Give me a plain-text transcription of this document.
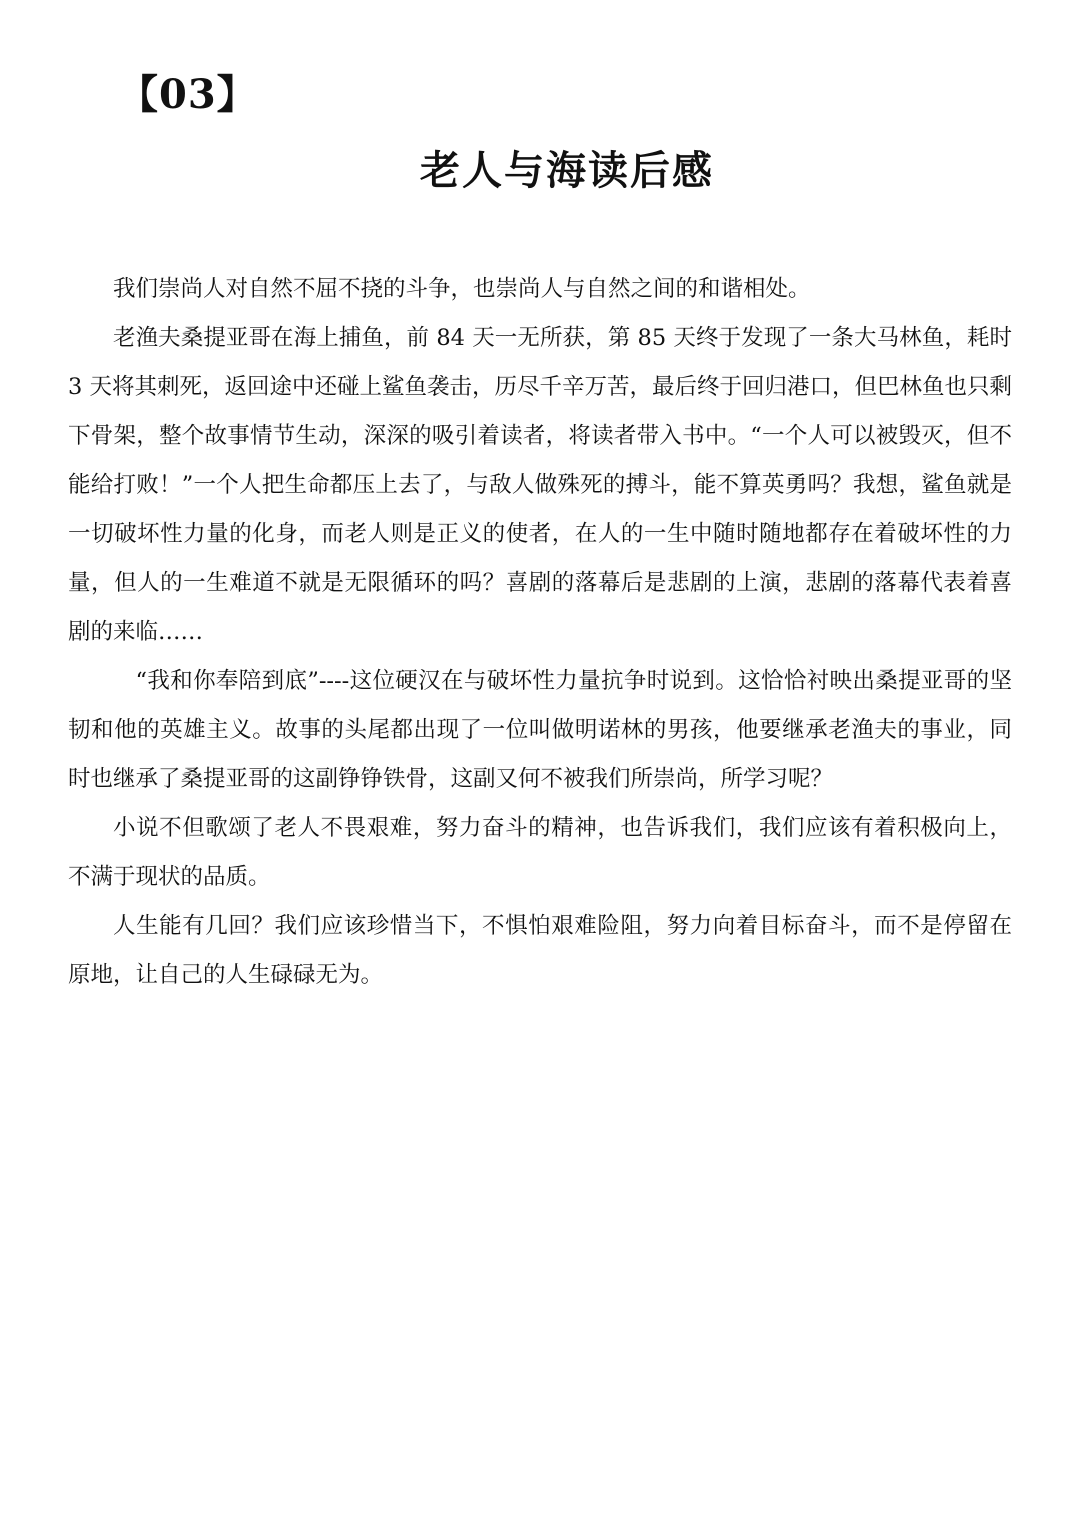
【03】
老人与海读后感

我们崇尚人对自然不屈不挠的斗争，也崇尚人与自然之间的和谐相处。

老渔夫桑提亚哥在海上捕鱼，前 84 天一无所获，第 85 天终于发现了一条大马林鱼，耗时 3 天将其刺死，返回途中还碰上鲨鱼袭击，历尽千辛万苦，最后终于回归港口，但巴林鱼也只剩下骨架，整个故事情节生动，深深的吸引着读者，将读者带入书中。“一个人可以被毁灭，但不能给打败！”一个人把生命都压上去了，与敌人做殊死的搏斗，能不算英勇吗？我想，鲨鱼就是一切破坏性力量的化身，而老人则是正义的使者，在人的一生中随时随地都存在着破坏性的力量，但人的一生难道不就是无限循环的吗？喜剧的落幕后是悲剧的上演，悲剧的落幕代表着喜剧的来临……

“我和你奉陪到底”----这位硬汉在与破坏性力量抗争时说到。这恰恰衬映出桑提亚哥的坚韧和他的英雄主义。故事的头尾都出现了一位叫做明诺林的男孩，他要继承老渔夫的事业，同时也继承了桑提亚哥的这副铮铮铁骨，这副又何不被我们所崇尚，所学习呢？

小说不但歌颂了老人不畏艰难，努力奋斗的精神，也告诉我们，我们应该有着积极向上，不满于现状的品质。

人生能有几回？我们应该珍惜当下，不惧怕艰难险阻，努力向着目标奋斗，而不是停留在原地，让自己的人生碌碌无为。
